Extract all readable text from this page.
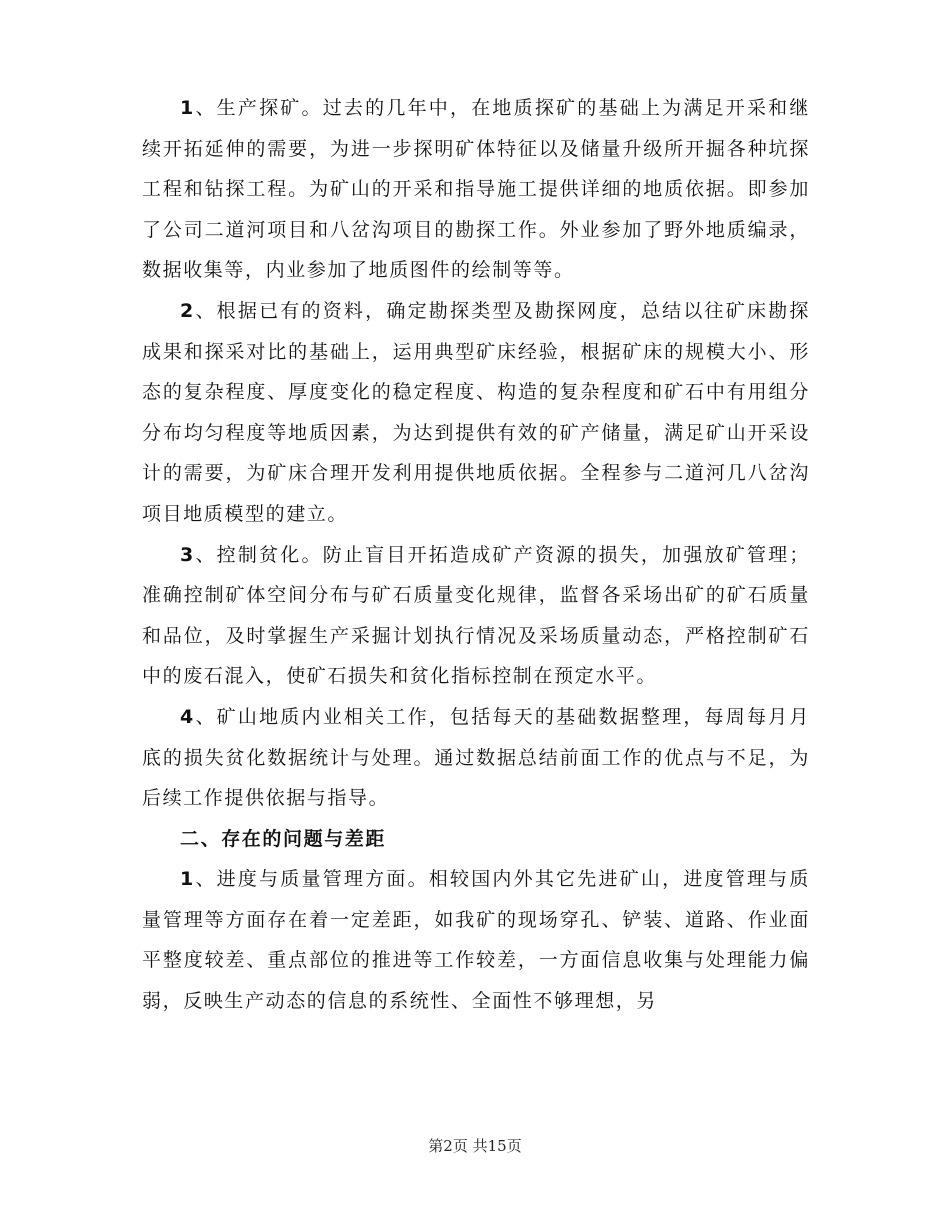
1、生产探矿。过去的几年中，在地质探矿的基础上为满足开采和继续开拓延伸的需要，为进一步探明矿体特征以及储量升级所开掘各种坑探工程和钻探工程。为矿山的开采和指导施工提供详细的地质依据。即参加了公司二道河项目和八岔沟项目的勘探工作。外业参加了野外地质编录，数据收集等，内业参加了地质图件的绘制等等。

2、根据已有的资料，确定勘探类型及勘探网度，总结以往矿床勘探成果和探采对比的基础上，运用典型矿床经验，根据矿床的规模大小、形态的复杂程度、厚度变化的稳定程度、构造的复杂程度和矿石中有用组分分布均匀程度等地质因素，为达到提供有效的矿产储量，满足矿山开采设计的需要，为矿床合理开发利用提供地质依据。全程参与二道河几八岔沟项目地质模型的建立。

3、控制贫化。防止盲目开拓造成矿产资源的损失，加强放矿管理；准确控制矿体空间分布与矿石质量变化规律，监督各采场出矿的矿石质量和品位，及时掌握生产采掘计划执行情况及采场质量动态，严格控制矿石中的废石混入，使矿石损失和贫化指标控制在预定水平。

4、矿山地质内业相关工作，包括每天的基础数据整理，每周每月月底的损失贫化数据统计与处理。通过数据总结前面工作的优点与不足，为后续工作提供依据与指导。

二、存在的问题与差距

1、进度与质量管理方面。相较国内外其它先进矿山，进度管理与质量管理等方面存在着一定差距，如我矿的现场穿孔、铲装、道路、作业面平整度较差、重点部位的推进等工作较差，一方面信息收集与处理能力偏弱，反映生产动态的信息的系统性、全面性不够理想，另

第2页 共15页
